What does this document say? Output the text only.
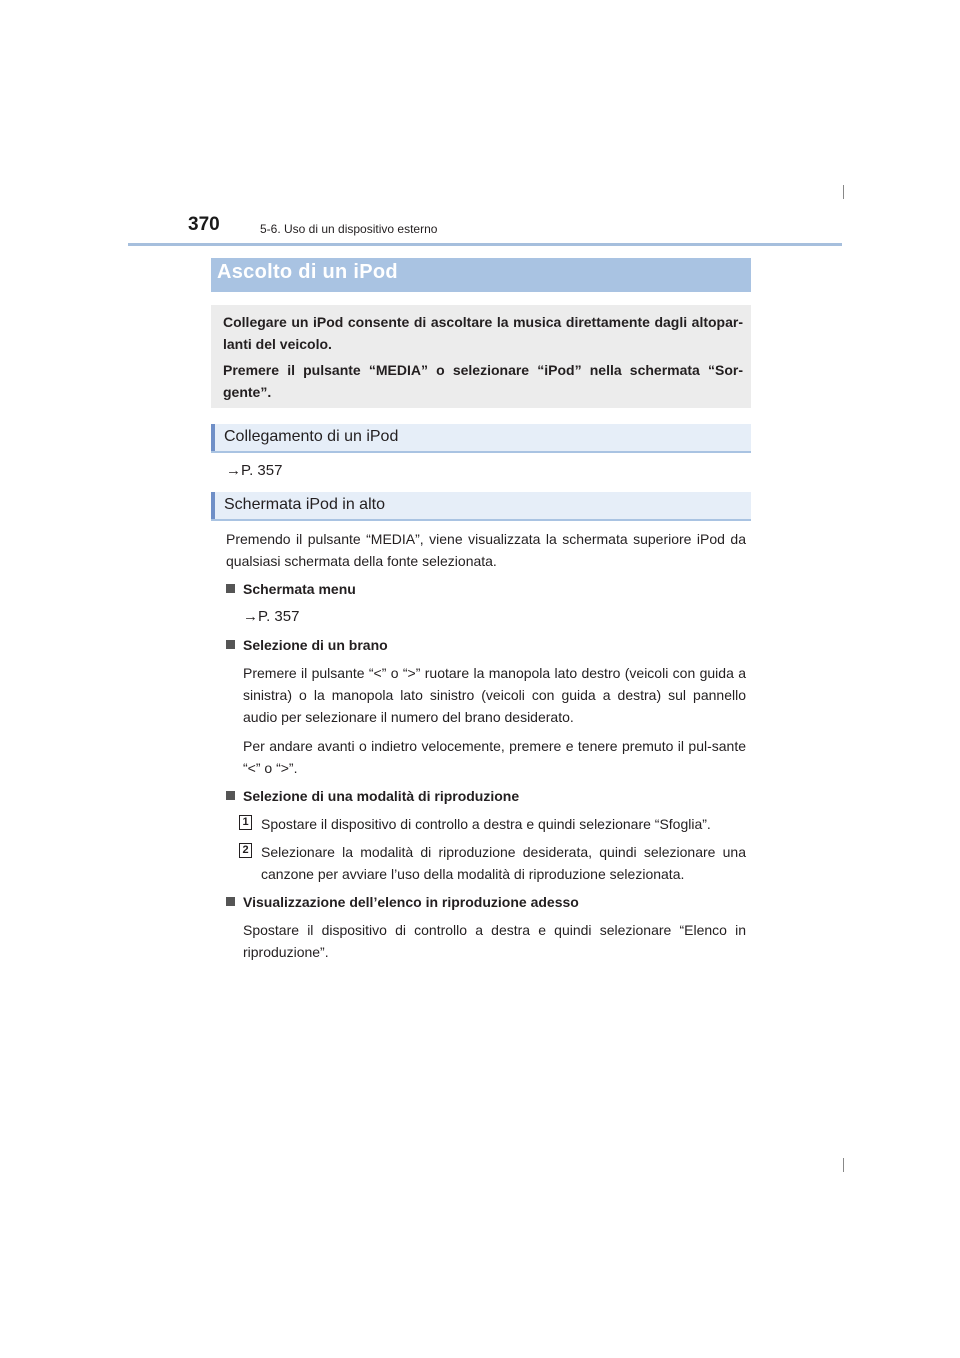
370	5-6. Uso di un dispositivo esterno
Ascolto di un iPod

Collegare un iPod consente di ascoltare la musica direttamente dagli altopar-lanti del veicolo.

Premere il pulsante “MEDIA” o selezionare “iPod” nella schermata “Sor-gente”.

Collegamento di un iPod
→P. 357
Schermata iPod in alto

Premendo il pulsante “MEDIA”, viene visualizzata la schermata superiore iPod da qualsiasi schermata della fonte selezionata.

Schermata menu
→P. 357
Selezione di un brano

Premere il pulsante “<” o “>” ruotare la manopola lato destro (veicoli con guida a sinistra) o la manopola lato sinistro (veicoli con guida a destra) sul pannello audio per selezionare il numero del brano desiderato.

Per andare avanti o indietro velocemente, premere e tenere premuto il pul-sante “<” o “>”.

Selezione di una modalità di riproduzione
1 Spostare il dispositivo di controllo a destra e quindi selezionare “Sfoglia”.

2 Selezionare la modalità di riproduzione desiderata, quindi selezionare una canzone per avviare l’uso della modalità di riproduzione selezionata.

Visualizzazione dell’elenco in riproduzione adesso

Spostare il dispositivo di controllo a destra e quindi selezionare “Elenco in riproduzione”.
